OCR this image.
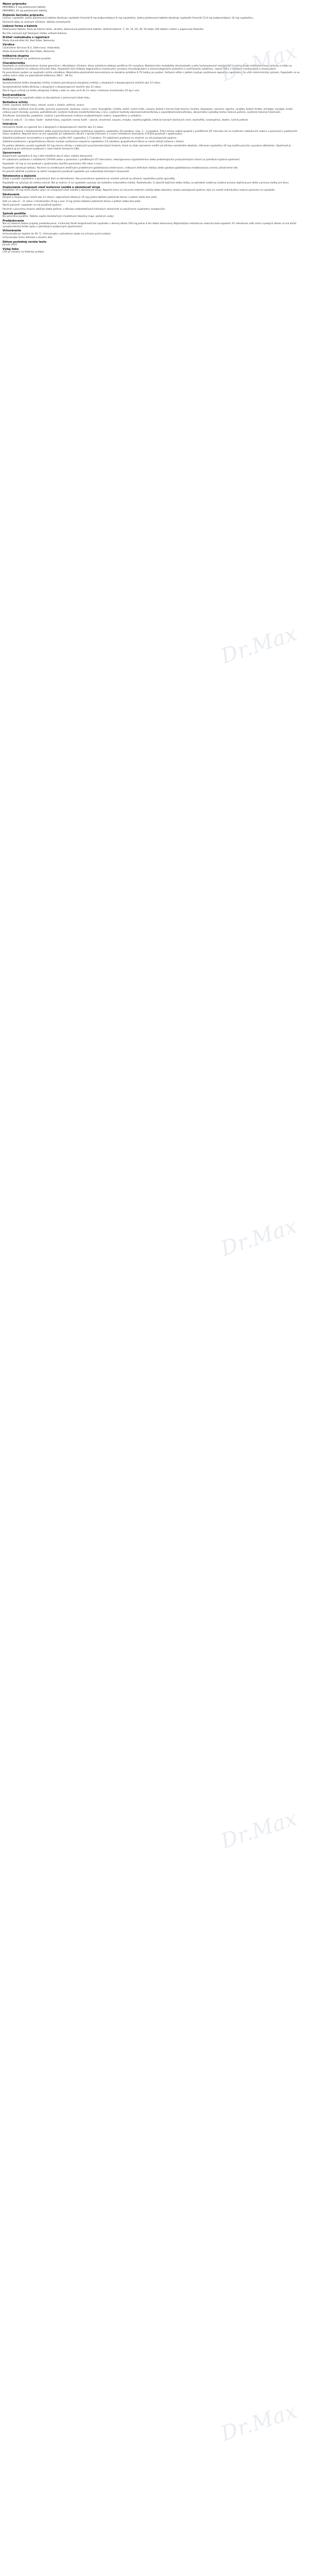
Dr.Max
Dr.Max
Dr.Max
Dr.Max
Dr.Max
Názov prípravku
MIRAMBEL 6 mg potahované tablety
MIRAMBEL 10 mg potahované tablety
Zloženie liečivého prípravku
Liečivo: rupatadín. Jedna potahovaná tableta obsahuje rupatadín fumarát 8 mg zodpovedajúce 6 mg rupatadínu. Jedna potahovaná tableta obsahuje rupatadín fumarát 12,8 mg zodpovedajúce 10 mg rupatadínu.
Pomocné látky so známym účinkom: laktóza monohydrát.
Lieková forma a balenie
Potahovaná tableta. Biela až takmer biela, okrúhla, bikonvexná potahovaná tableta. Veľkosť balenia: 7, 10, 14, 20, 30, 50 alebo 100 tabliet v blistri v papierovej škatuľke.
Na trhu nemusia byť dostupné všetky veľkosti balenia.
Držiteľ rozhodnutia o registrácii
Stada Arzneimittel AG, Bad Vilbel, Nemecko
Výrobca
Centrafarm Services B.V., Etten-Leur, Holandsko
Stada Arzneimittel AG, Bad Vilbel, Nemecko
Indikačná skupina
Antihistaminikum na systémové použitie.
Charakteristika
Rupatadín je antihistaminikum druhej generácie s dlhodobým účinkom, ktorý selektívne blokuje periférne H1 receptory. Niektoré jeho metabolity (desloratadín a jeho hydroxylované metabolity) si zachovávajú antihistamínovú aktivitu a môžu sa čiastočne podieľať na celkovej účinnosti lieku. Rupatadín tiež inhibuje degranuláciu mastocytov vyvolanú imunologickými a neimunologickými podnetmi a uvoľňovanie cytokínov, najmä TNFα v ľudských mastocytoch a monocytoch.
Po perorálnom podaní sa rupatadín rýchlo vstrebáva. Maximálna plazmatická koncentrácia sa dosiahne približne 0,75 hodiny po podaní. Súčasné užitie s jedlom zvyšuje systémovú expozíciu rupatadínu, čo však nemá klinický význam. Rupatadín sa vo veľkej miere viaže na plazmatické bielkoviny (98,5 – 99 %).
Indikácie
Symptomatická liečba alergickej rinitídy (vrátane perzistujúcej alergickej rinitídy) u dospelých a dospievajúcich starších ako 12 rokov.
Symptomatická liečba žihľavky u dospelých a dospievajúcich starších ako 12 rokov.
Sila 6 mg je určená na liečbu alergickej rinitídy u detí vo veku od 6 do 11 rokov s telesnou hmotnosťou 25 kg a viac.
Kontraindikácie
Precitlivenosť na rupatadín alebo na ktorúkoľvek z pomocných látok lieku.
Nežiaduce účinky
Časté: ospalosť, bolesť hlavy, závrat, sucho v ústach, asténia, únava.
Menej časté: zvýšená chuť do jedla, poruchy pozornosti, epistaxa, sucho v nose, faryngitída, rinitída, kašeľ, suché hrdlo, nauzea, bolesť v hornej časti brucha, hnačka, dyspepsia, vracanie, zápcha, vyrážka, bolesť chrbta, artralgia, myalgia, smäd, celkový pocit choroby, pyrexia, podráždenosť, zvýšené hodnoty kreatínfosfokinázy v krvi, zvýšené hodnoty alanínaminotransferázy a aspartátaminotransferázy, abnormálne výsledky testov funkcie pečene, zvýšenie telesnej hmotnosti.
Zriedkavé: tachykardia, palpitácie, reakcie z precitlivenosti (vrátane anafylaktických reakcií, angioedému a urtikárie).
U detí vo veku 6 – 11 rokov: časté – bolesť hlavy, ospalosť; menej časté – závrat, nevoľnosť, nauzea, chrípka, nazofaryngitída, infekcia horných dýchacích ciest, eozinofília, neutropénia, ekzém, nočné potenie.
Interakcie
Interakčné štúdie sa vykonali len u dospelých a dospievajúcich starších ako 12 rokov.
Súbežné užívanie s ketokonazolom alebo erytromycínom zvyšuje systémovú expozíciu rupatadínu 10-násobne, resp. 2 – 3-násobne. Tieto zmeny neboli spojené s predĺžením QT intervalu ani so zvýšením nežiaducich reakcií v porovnaní s podávaním liekov osobitne. Napriek tomu sa má rupatadín pri súbežnom užívaní s týmito liečivami a s inými inhibítormi izoenzýmu CYP3A4 používať s opatrnosťou.
Súbežné podávanie simvastatínu a rupatadínu zvýšilo AUC rupatadínu 1,7-násobne. Pri súbežnom podávaní so statínmi sa má postupovať opatrne.
Súbežné podávanie s grapefruitovou šťavou zvyšuje systémovú expozíciu rupatadínu 3,5-násobne; grapefruitová šťava sa nemá užívať súčasne s liekom.
Po podaní alkoholu vyvolal rupatadín 10 mg mierne účinky v niektorých psychomotorických testoch, ktoré sa však významne nelíšili od účinkov samotného alkoholu. Užívanie rupatadínu 20 mg zvýšilo poruchu vyvolanú alkoholom. Opatrnosť je potrebná aj pri súčasnom podávaní s inými liekmi tlmiacimi CNS.
Upozornenie
Bezpečnosť rupatadínu 6 mg u detí mladších ako 6 rokov nebola stanovená.
Pri súbežnom podávaní s inhibítormi CYP3A4 alebo u pacientov s predĺženým QT intervalom, nekorigovanou hypokaliémiou alebo prebiehajúcimi proarytmickými stavmi je potrebná zvýšená opatrnosť.
Rupatadín 10 mg sa má podávať s opatrnosťou starším pacientom (65 rokov a viac).
Rupatadín obsahuje laktózu. Pacienti so zriedkavými dedičnými problémami galaktózovej intolerancie, celkovým deficitom laktázy alebo glukózo-galaktózovou malabsorpciou nesmú užívať tento liek.
Pri porúch obličiek a pečene sa zatiaľ neodporúča používať rupatadín pre nedostatok klinických skúseností.
Tehotenstvo a dojčenie
Údaje o použití rupatadínu u gravidných žien sú obmedzené. Ako preventívne opatrenie je vhodné vyhnúť sa užívaniu rupatadínu počas gravidity.
Rupatadín sa vylučuje do mlieka zvierat. Nie je známe, či sa rupatadín vylučuje do ľudského materského mlieka. Rozhodnutie, či ukončiť dojčenie alebo liečbu, je potrebné urobiť po zvážení prínosu dojčenia pre dieťa a prínosu liečby pre ženu.
Ovplyvnenie schopnosti viesť motorové vozidlá a obsluhovať stroje
Rupatadín 10 mg nemá žiadny vplyv na schopnosť viesť vozidlá a obsluhovať stroje. Napriek tomu sa má pred vedením vozidla alebo obsluhou strojov postupovať opatrne, kým sa nezistí individuálna reakcia pacienta na rupatadín.
Dávkovanie
Dospelí a dospievajúci (starší ako 12 rokov): odporúčaná dávka je 10 mg (jedna tableta) jedenkrát denne s jedlom alebo bez jedla.
Deti vo veku 6 – 11 rokov s hmotnosťou 25 kg a viac: 6 mg (jedna tableta) jedenkrát denne s jedlom alebo bez jedla.
Starší pacienti: rupatadín sa má používať opatrne.
Pacienti s poruchou funkcie obličiek alebo pečene: z dôvodu nedostatočných klinických skúseností sa používanie rupatadínu neodporúča.
Spôsob použitia
Na perorálne použitie. Tabletu zapite dostatočným množstvom tekutiny (napr. pohárom vody).
Predávkovanie
Nie sú hlásené žiadne prípady predávkovania. V klinickej štúdii bezpečnosti bol rupatadín v dennej dávke 100 mg počas 6 dní dobre tolerovaný. Najčastejšou nežiaducou reakciou bola ospalosť. Pri náhodnom užití veľmi vysokých dávok sa má začať symptomatická liečba spolu s potrebnými podpornými opatreniami.
Uchovávanie
Uchovávajte pri teplote do 30 °C. Uchovávajte v pôvodnom obale na ochranu pred svetlom.
Uchovávajte mimo dohľadu a dosahu detí.
Dátum poslednej revízie textu
Január 2023
Výdaj lieku
Liek je viazaný na lekársky predpis.
